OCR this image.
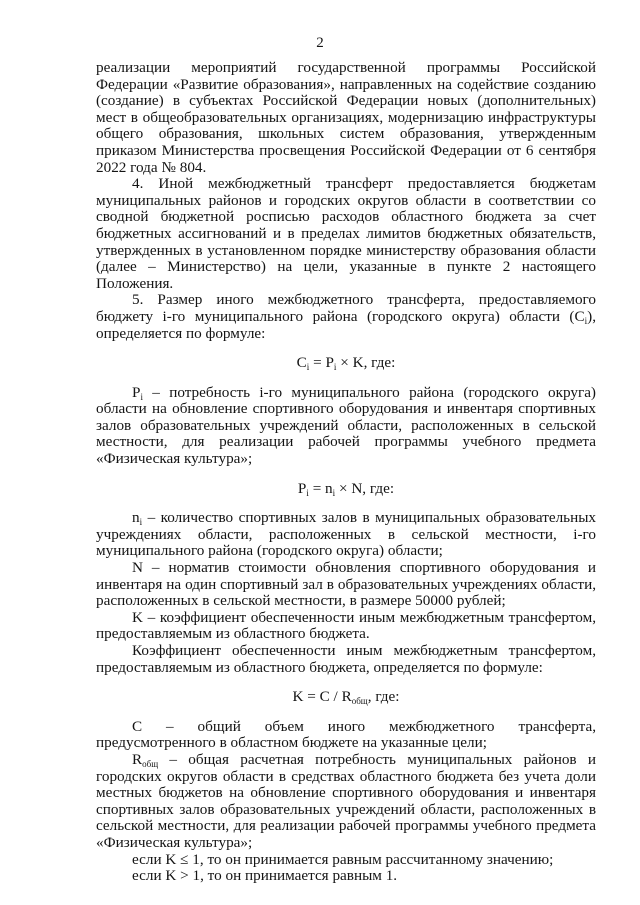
2

реализации мероприятий государственной программы Российской Федерации «Развитие образования», направленных на содействие созданию (создание) в субъектах Российской Федерации новых (дополнительных) мест в общеобразовательных организациях, модернизацию инфраструктуры общего образования, школьных систем образования, утвержденным приказом Министерства просвещения Российской Федерации от 6 сентября 2022 года № 804.

4. Иной межбюджетный трансферт предоставляется бюджетам муниципальных районов и городских округов области в соответствии со сводной бюджетной росписью расходов областного бюджета за счет бюджетных ассигнований и в пределах лимитов бюджетных обязательств, утвержденных в установленном порядке министерству образования области (далее – Министерство) на цели, указанные в пункте 2 настоящего Положения.

5. Размер иного межбюджетного трансферта, предоставляемого бюджету i-го муниципального района (городского округа) области $(C_i)$, определяется по формуле:

$C_i = P_i \times K$, где:

$P_i$ – потребность i-го муниципального района (городского округа) области на обновление спортивного оборудования и инвентаря спортивных залов образовательных учреждений области, расположенных в сельской местности, для реализации рабочей программы учебного предмета «Физическая культура»;

$P_i = n_i \times N$, где:

$n_i$ – количество спортивных залов в муниципальных образовательных учреждениях области, расположенных в сельской местности, i-го муниципального района (городского округа) области;

N – норматив стоимости обновления спортивного оборудования и инвентаря на один спортивный зал в образовательных учреждениях области, расположенных в сельской местности, в размере 50000 рублей;

K – коэффициент обеспеченности иным межбюджетным трансфертом, предоставляемым из областного бюджета.

Коэффициент обеспеченности иным межбюджетным трансфертом, предоставляемым из областного бюджета, определяется по формуле:

$K = C / R_{общ}$, где:

C – общий объем иного межбюджетного трансферта, предусмотренного в областном бюджете на указанные цели;

$R_{общ}$ – общая расчетная потребность муниципальных районов и городских округов области в средствах областного бюджета без учета доли местных бюджетов на обновление спортивного оборудования и инвентаря спортивных залов образовательных учреждений области, расположенных в сельской местности, для реализации рабочей программы учебного предмета «Физическая культура»;

если K ≤ 1, то он принимается равным рассчитанному значению;

если K > 1, то он принимается равным 1.
